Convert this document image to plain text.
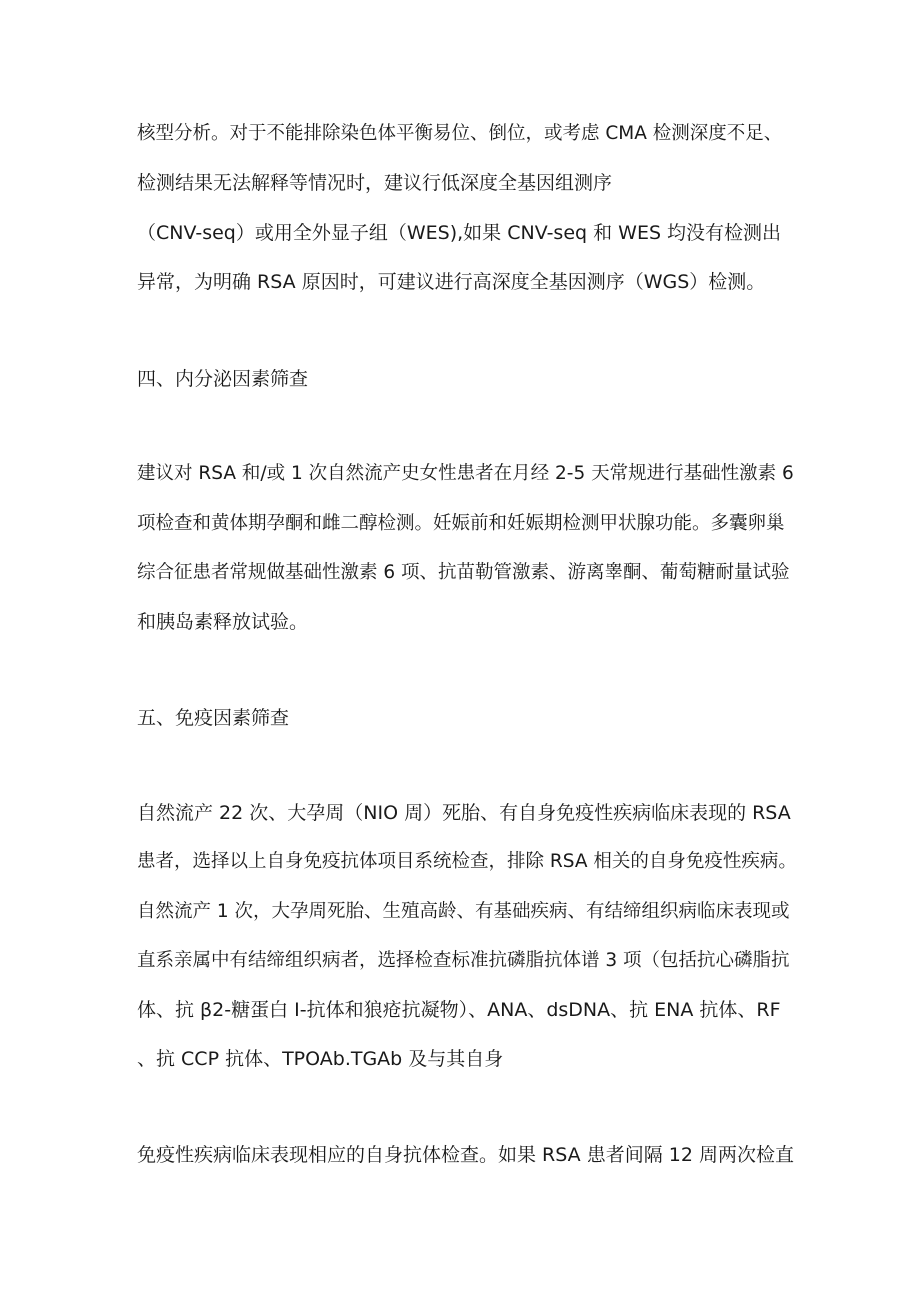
核型分析。对于不能排除染色体平衡易位、倒位，或考虑 CMA 检测深度不足、
检测结果无法解释等情况时，建议行低深度全基因组测序
（CNV-seq）或用全外显子组（WES),如果 CNV-seq 和 WES 均没有检测出
异常，为明确 RSA 原因时，可建议进行高深度全基因测序（WGS）检测。
四、内分泌因素筛查
建议对 RSA 和/或 1 次自然流产史女性患者在月经 2-5 天常规进行基础性激素 6
项检查和黄体期孕酮和雌二醇检测。妊娠前和妊娠期检测甲状腺功能。多囊卵巢
综合征患者常规做基础性激素 6 项、抗苗勒管激素、游离睾酮、葡萄糖耐量试验
和胰岛素释放试验。
五、免疫因素筛查
自然流产 22 次、大孕周（NIO 周）死胎、有自身免疫性疾病临床表现的 RSA
患者，选择以上自身免疫抗体项目系统检查，排除 RSA 相关的自身免疫性疾病。
自然流产 1 次，大孕周死胎、生殖高龄、有基础疾病、有结缔组织病临床表现或
直系亲属中有结缔组织病者，选择检查标准抗磷脂抗体谱 3 项（包括抗心磷脂抗
体、抗 β2-糖蛋白 I-抗体和狼疮抗凝物）、ANA、dsDNA、抗 ENA 抗体、RF
、抗 CCP 抗体、TPOAb.TGAb 及与其自身
免疫性疾病临床表现相应的自身抗体检查。如果 RSA 患者间隔 12 周两次检直
